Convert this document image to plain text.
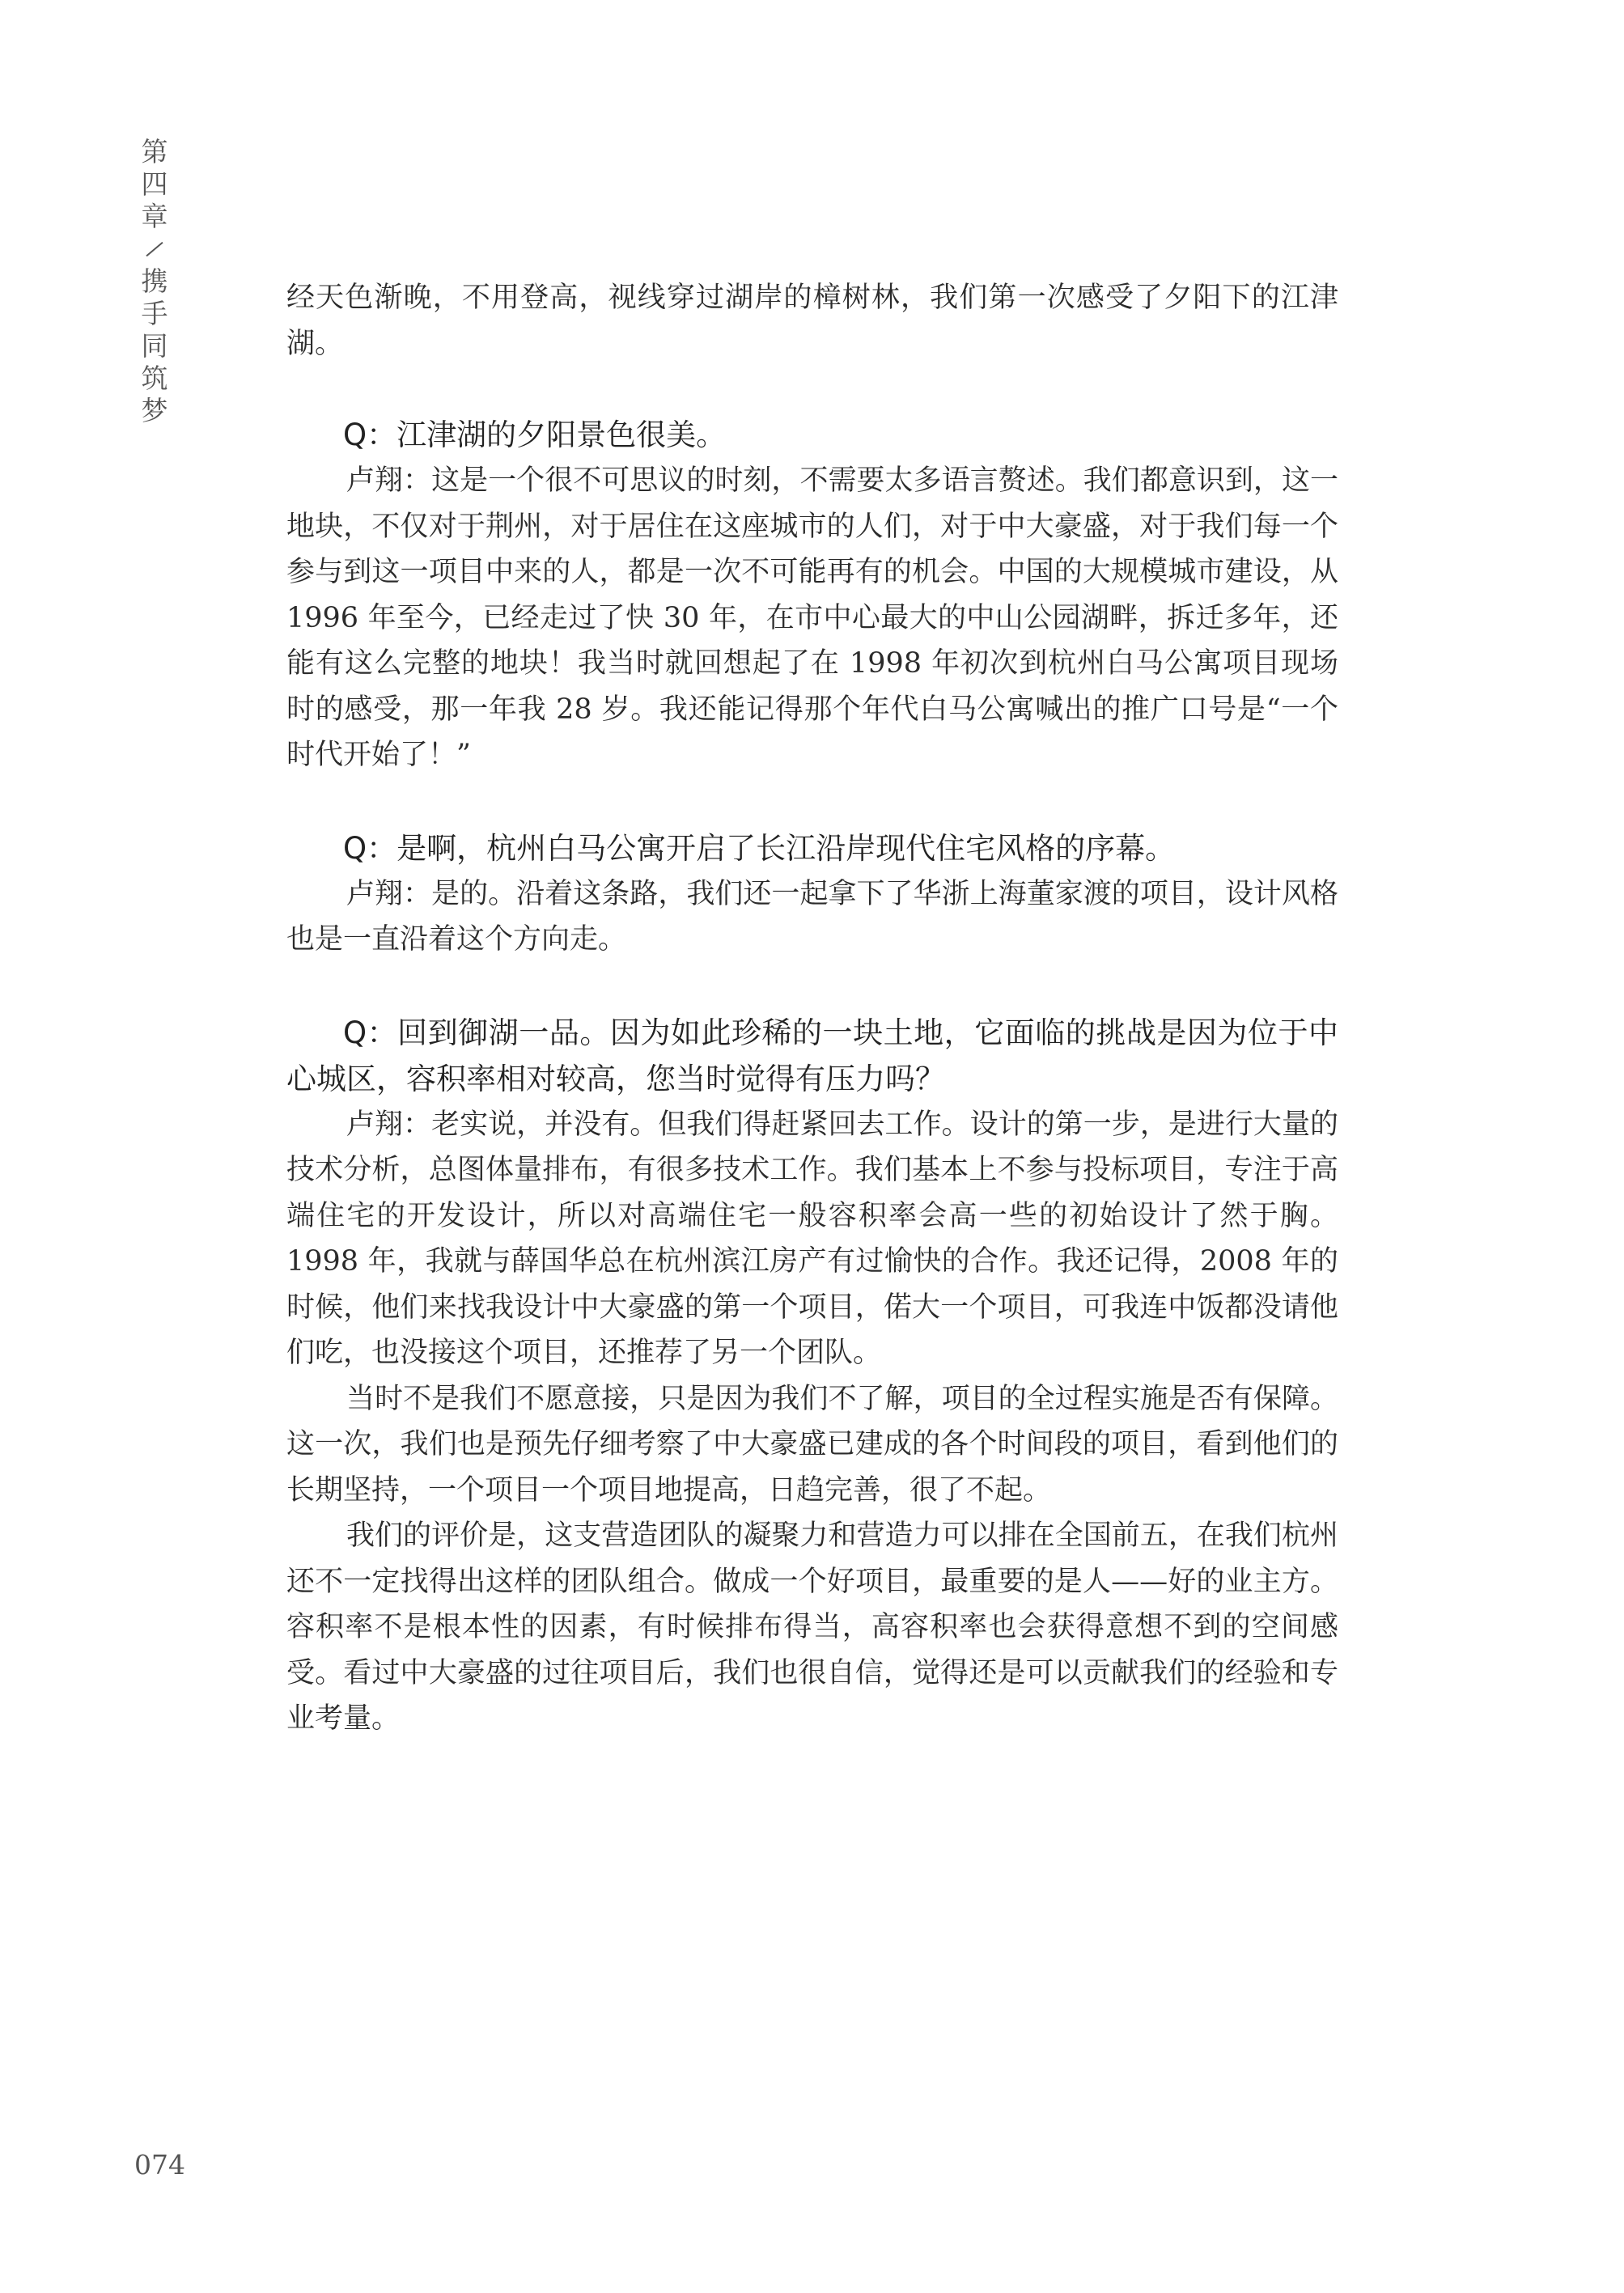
第
四
章
携
手
同
筑
梦

经天色渐晚，不用登高，视线穿过湖岸的樟树林，我们第一次感受了夕阳下的江津湖。

Q：江津湖的夕阳景色很美。

卢翔：这是一个很不可思议的时刻，不需要太多语言赘述。我们都意识到，这一地块，不仅对于荆州，对于居住在这座城市的人们，对于中大豪盛，对于我们每一个参与到这一项目中来的人，都是一次不可能再有的机会。中国的大规模城市建设，从 1996 年至今，已经走过了快 30 年，在市中心最大的中山公园湖畔，拆迁多年，还能有这么完整的地块！我当时就回想起了在 1998 年初次到杭州白马公寓项目现场时的感受，那一年我 28 岁。我还能记得那个年代白马公寓喊出的推广口号是“一个时代开始了！”

Q：是啊，杭州白马公寓开启了长江沿岸现代住宅风格的序幕。

卢翔：是的。沿着这条路，我们还一起拿下了华浙上海董家渡的项目，设计风格也是一直沿着这个方向走。

Q：回到御湖一品。因为如此珍稀的一块土地，它面临的挑战是因为位于中心城区，容积率相对较高，您当时觉得有压力吗？

卢翔：老实说，并没有。但我们得赶紧回去工作。设计的第一步，是进行大量的技术分析，总图体量排布，有很多技术工作。我们基本上不参与投标项目，专注于高端住宅的开发设计，所以对高端住宅一般容积率会高一些的初始设计了然于胸。1998 年，我就与薛国华总在杭州滨江房产有过愉快的合作。我还记得，2008 年的时候，他们来找我设计中大豪盛的第一个项目，偌大一个项目，可我连中饭都没请他们吃，也没接这个项目，还推荐了另一个团队。

当时不是我们不愿意接，只是因为我们不了解，项目的全过程实施是否有保障。这一次，我们也是预先仔细考察了中大豪盛已建成的各个时间段的项目，看到他们的长期坚持，一个项目一个项目地提高，日趋完善，很了不起。

我们的评价是，这支营造团队的凝聚力和营造力可以排在全国前五，在我们杭州还不一定找得出这样的团队组合。做成一个好项目，最重要的是人——好的业主方。容积率不是根本性的因素，有时候排布得当，高容积率也会获得意想不到的空间感受。看过中大豪盛的过往项目后，我们也很自信，觉得还是可以贡献我们的经验和专业考量。

074
